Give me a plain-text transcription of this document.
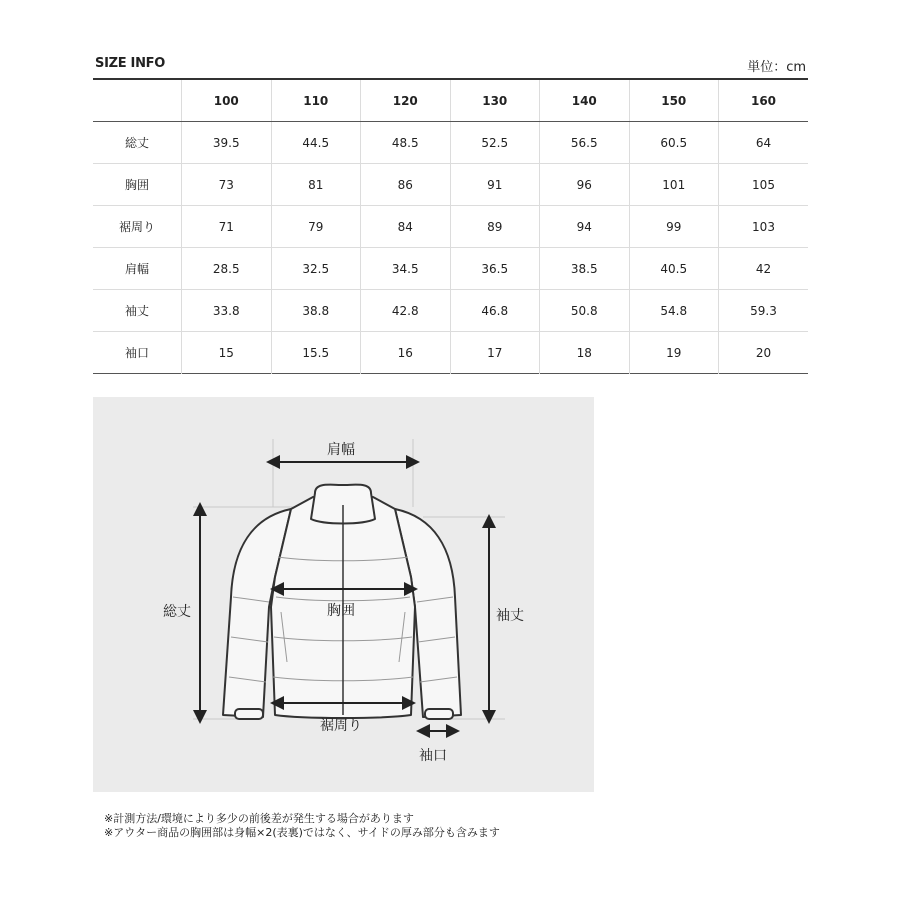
SIZE INFO	単位：cm
	100	110	120	130	140	150	160
総丈	39.5	44.5	48.5	52.5	56.5	60.5	64
胸囲	73	81	86	91	96	101	105
裾周り	71	79	84	89	94	99	103
肩幅	28.5	32.5	34.5	36.5	38.5	40.5	42
袖丈	33.8	38.8	42.8	46.8	50.8	54.8	59.3
袖口	15	15.5	16	17	18	19	20
肩幅
総丈	胸囲	袖丈
裾周り
袖口
※計測方法/環境により多少の前後差が発生する場合があります
※アウター商品の胸囲部は身幅×2(表裏)ではなく、サイドの厚み部分も含みます
